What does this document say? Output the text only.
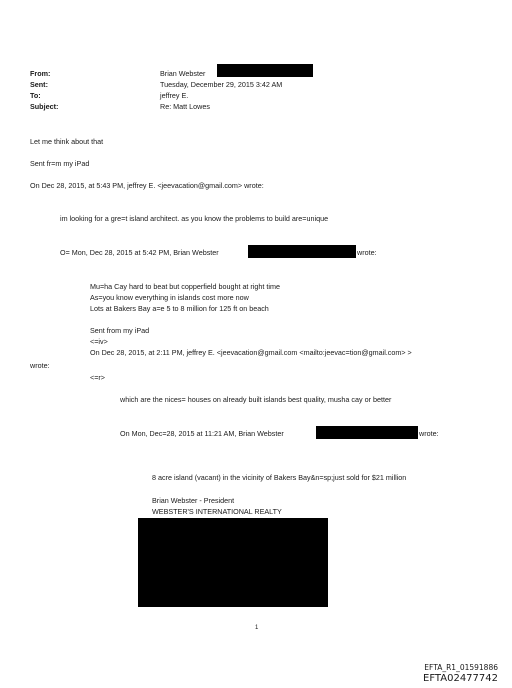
From:
Sent:
To:
Subject:
Brian Webster
Tuesday, December 29, 2015 3:42 AM
jeffrey E.
Re: Matt Lowes
Let me think about that
Sent fr=m my iPad
On Dec 28, 2015, at 5:43 PM, jeffrey E. <jeevacation@gmail.com> wrote:
im looking for a gre=t island architect. as you know the problems to build are=unique
O= Mon, Dec 28, 2015 at 5:42 PM, Brian Webster	wrote:
Mu=ha Cay hard to beat but copperfield bought at right time
As=you know everything in islands cost more now
Lots at Bakers Bay a=e 5 to 8 million for 125 ft on beach
Sent from my iPad
<=iv>
On Dec 28, 2015, at 2:11 PM, jeffrey E. <jeevacation@gmail.com <mailto:jeevac=tion@gmail.com> >
wrote:
<=r>
which are the nices= houses on already built islands best quality, musha cay or better
On Mon, Dec=28, 2015 at 11:21 AM, Brian Webster	wrote:
8 acre island (vacant) in the vicinity of Bakers Bay&n=sp;just sold for $21 million
Brian Webster - President
WEBSTER'S INTERNATIONAL REALTY
1
EFTA_R1_01591886
EFTA02477742
